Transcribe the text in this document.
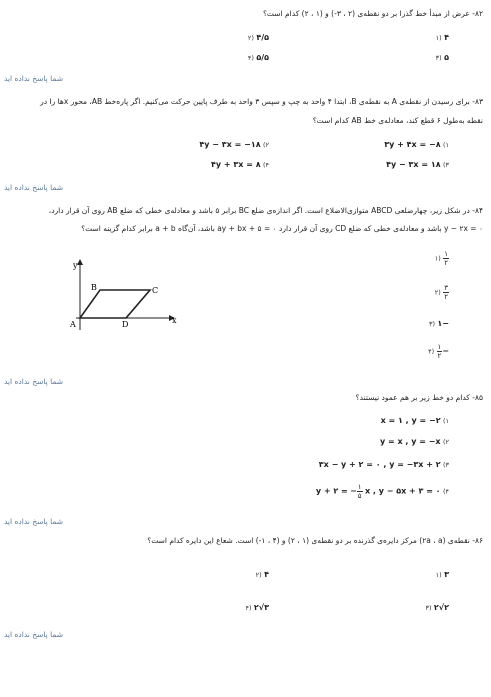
۸۲- عرض از مبدأ خط گذرا بر دو نقطه‌ی (۲ ، ۳-) و (۱ ، ۲) کدام است؟
۴ (۱
۴/۵ (۲
۵ (۳
۵/۵ (۴
شما پاسخ نداده اید
۸۳- برای رسیدن از نقطه‌ی A به نقطه‌ی B، ابتدا ۴ واحد به چپ و سپس ۳ واحد به طرف پایین حرکت می‌کنیم. اگر پاره‌خط AB، محور xها را در
نقطه به‌طول ۶ قطع کند، معادله‌ی خط AB کدام است؟
۳y + ۴x = −۸ (۱
۴y − ۳x = −۱۸ (۲
۴y − ۳x = ۱۸ (۳
۴y + ۳x = ۸ (۴
شما پاسخ نداده اید
۸۴- در شکل زیر، چهارضلعی ABCD متوازی‌الاضلاع است. اگر اندازه‌ی ضلع BC برابر ۵ باشد و معادله‌ی خطی که ضلع AB روی آن قرار دارد،
y − ۲x = ۰ باشد و معادله‌ی خطی که ضلع CD روی آن قرار دارد ay + bx + ۵ = ۰ باشد، آن‌گاه a + b برابر کدام گزینه است؟
$\frac{۱}{۲}$
(۱
$\frac{۳}{۲}$
(۲
−۱ (۳
−
$\frac{۱}{۲}$
(۴
y
x
A
B	C
D
شما پاسخ نداده اید
۸۵- کدام دو خط زیر بر هم عمود نیستند؟
x = ۱ , y = −۲ (۱
y = x , y = −x (۲
۳x − y + ۲ = ۰ , y = −۳x + ۲ (۳
y + ۲ = − $\frac{۱}{۵}$ x , y − ۵x + ۳ = ۰ (۴
شما پاسخ نداده اید
۸۶- نقطه‌ی (۲a ، a) مرکز دایره‌ی گذرنده بر دو نقطه‌ی (۱ ، ۲) و (۴ ، ۱-) است. شعاع این دایره کدام است؟
۳ (۱
۴ (۲
۲√۲ (۳
۳√۲ (۴
شما پاسخ نداده اید
